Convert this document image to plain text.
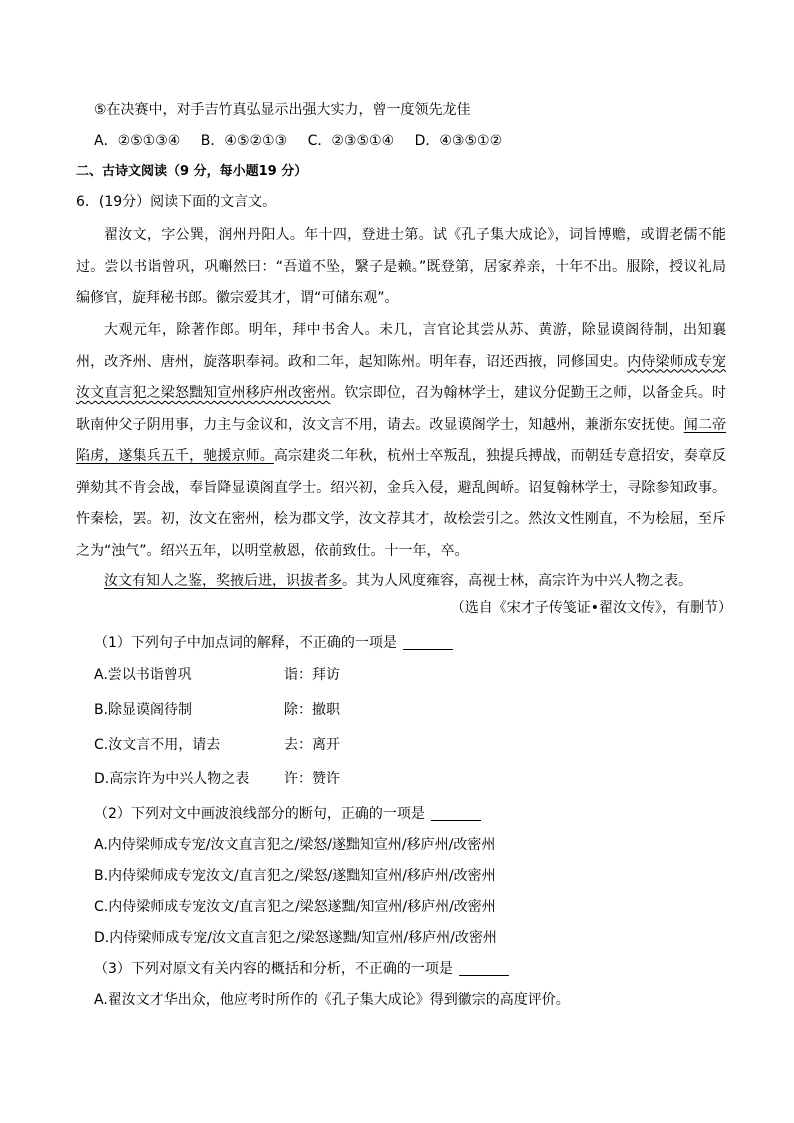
⑤在决赛中，对手吉竹真弘显示出强大实力，曾一度领先龙佳
A．②⑤①③④ B．④⑤②①③ C．②③⑤①④ D．④③⑤①②
二、古诗文阅读（9 分，每小题19 分）
6．(19分）阅读下面的文言文。
翟汝文，字公巽，润州丹阳人。年十四，登进士第。试《孔子集大成论》，词旨博赡，或谓老儒不能过。尝以书诣曾巩，巩嘝然曰：“吾道不坠，繄子是赖。”既登第，居家养亲，十年不出。服除，授议礼局编修官，旋拜秘书郎。徽宗爱其才，谓“可储东观”。
大观元年，除著作郎。明年，拜中书舍人。未几，言官论其尝从苏、黄游，除显谟阁待制，出知襄州，改齐州、唐州，旋落职奉祠。政和二年，起知陈州。明年春，诏还西掖，同修国史。内侍梁师成专宠汝文直言犯之梁怒黜知宣州移庐州改密州。钦宗即位，召为翰林学士，建议分促勤王之师，以备金兵。时耿南仲父子阴用事，力主与金议和，汝文言不用，请去。改显谟阁学士，知越州，兼浙东安抚使。闻二帝陷虏，遂集兵五千，驰援京师。高宗建炎二年秋，杭州士卒叛乱，独提兵搏战，而朝廷专意招安，奏章反弹劾其不肯会战，奉旨降显谟阁直学士。绍兴初，金兵入侵，避乱闽峤。诏复翰林学士，寻除参知政事。忤秦桧，罢。初，汝文在密州，桧为郡文学，汝文荐其才，故桧尝引之。然汝文性刚直，不为桧屈，至斥之为“浊气”。绍兴五年，以明堂赦恩，依前致仕。十一年，卒。
汝文有知人之鉴，奖掖后进，识拔者多。其为人风度雍容，高视士林，高宗许为中兴人物之表。
（选自《宋才子传笺证•翟汝文传》，有删节）
（1）下列句子中加点词的解释，不正确的一项是
A.尝以书诣曾巩	诣：拜访
B.除显谟阁待制	除：撤职
C.汝文言不用，请去	去：离开
D.高宗许为中兴人物之表 许：赞许
（2）下列对文中画波浪线部分的断句，正确的一项是
A.内侍梁师成专宠/汝文直言犯之/梁怒/遂黜知宣州/移庐州/改密州
B.内侍梁师成专宠汝文/直言犯之/梁怒/遂黜知宣州/移庐州/改密州
C.内侍梁师成专宠汝文/直言犯之/梁怒遂黜/知宣州/移庐州/改密州
D.内侍梁师成专宠/汝文直言犯之/梁怒遂黜/知宣州/移庐州/改密州
（3）下列对原文有关内容的概括和分析，不正确的一项是
A.翟汝文才华出众，他应考时所作的《孔子集大成论》得到徽宗的高度评价。
